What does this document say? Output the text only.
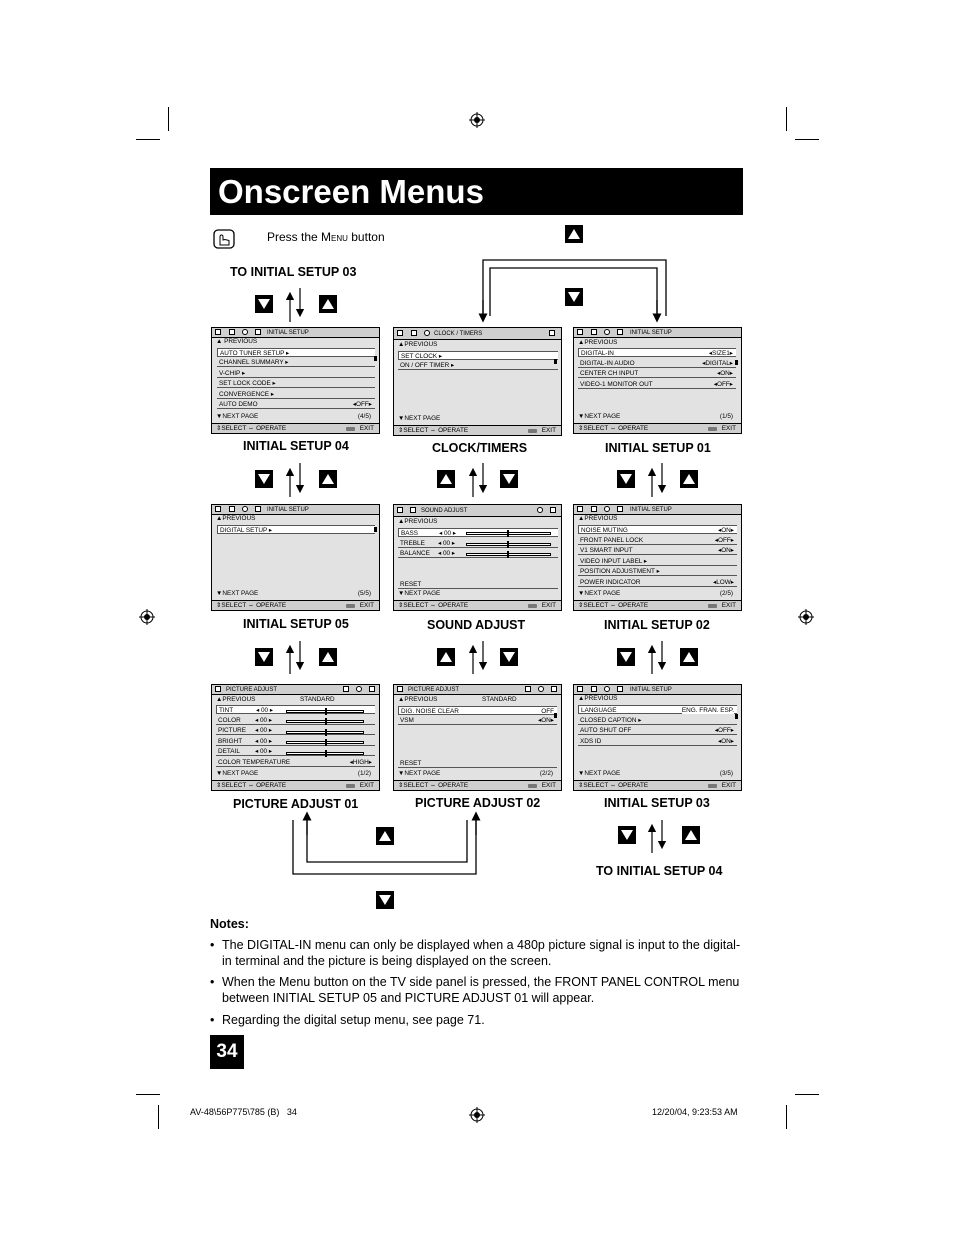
Onscreen Menus
Press the Menu button
TO INITIAL SETUP 03
INITIAL SETUP 04	CLOCK/TIMERS	INITIAL SETUP 01
INITIAL SETUP 05	SOUND ADJUST	INITIAL SETUP 02
PICTURE ADJUST 01	PICTURE ADJUST 02	INITIAL SETUP 03
TO INITIAL SETUP 04
INITIAL SETUP
▲ PREVIOUS
AUTO TUNER SETUP ▸
CHANNEL SUMMARY ▸
V-CHIP ▸
SET LOCK CODE ▸
CONVERGENCE ▸
AUTO DEMO	◂OFF▸
▼NEXT PAGE	(4/5)
⇕SELECT ⇔ OPERATE	EXIT
CLOCK / TIMERS
▲PREVIOUS
SET CLOCK ▸
ON / OFF TIMER ▸
▼NEXT PAGE
⇕SELECT ⇔ OPERATE	EXIT
INITIAL SETUP
▲PREVIOUS
DIGITAL-IN	◂SIZE1▸
DIGITAL-IN AUDIO	◂DIGITAL▸
CENTER CH INPUT	◂ON▸
VIDEO-1 MONITOR OUT	◂OFF▸
▼NEXT PAGE	(1/5)
⇕SELECT ⇔ OPERATE	EXIT
INITIAL SETUP
▲PREVIOUS
DIGITAL SETUP ▸
▼NEXT PAGE	(5/5)
⇕SELECT ⇔ OPERATE	EXIT
SOUND ADJUST
▲PREVIOUS
BASS	◂ 00 ▸
TREBLE ◂ 00 ▸
BALANCE ◂ 00 ▸
RESET
▼NEXT PAGE
⇕SELECT ⇔ OPERATE	EXIT
INITIAL SETUP
▲PREVIOUS
NOISE MUTING	◂ON▸
FRONT PANEL LOCK	◂OFF▸
V1 SMART INPUT	◂ON▸
VIDEO INPUT LABEL ▸
POSITION ADJUSTMENT ▸
POWER INDICATOR	◂LOW▸
▼NEXT PAGE	(2/5)
⇕SELECT ⇔ OPERATE	EXIT
PICTURE ADJUST
▲PREVIOUS	STANDARD
TINT	◂ 00 ▸
COLOR ◂ 00 ▸
PICTURE ◂ 00 ▸
BRIGHT ◂ 00 ▸
DETAIL ◂ 00 ▸
COLOR TEMPERATURE	◂HIGH▸
▼NEXT PAGE	(1/2)
⇕SELECT ⇔ OPERATE	EXIT
PICTURE ADJUST
▲PREVIOUS	STANDARD
DIG. NOISE CLEAR	OFF
VSM	◂ON▸
RESET
▼NEXT PAGE	(2/2)
⇕SELECT ⇔ OPERATE	EXIT
INITIAL SETUP
▲PREVIOUS
LANGUAGE	ENG. FRAN. ESP.
CLOSED CAPTION ▸
AUTO SHUT OFF	◂OFF▸
XDS ID	◂ON▸
▼NEXT PAGE	(3/5)
⇕SELECT ⇔ OPERATE	EXIT
Notes:
• The DIGITAL-IN menu can only be displayed when a 480p picture signal is input to the digital-in terminal and the picture is being displayed on the screen.
• When the Menu button on the TV side panel is pressed, the FRONT PANEL CONTROL menu between INITIAL SETUP 05 and PICTURE ADJUST 01 will appear.
• Regarding the digital setup menu, see page 71.
34
AV-48\56P775\785 (B)   34	12/20/04, 9:23:53 AM
